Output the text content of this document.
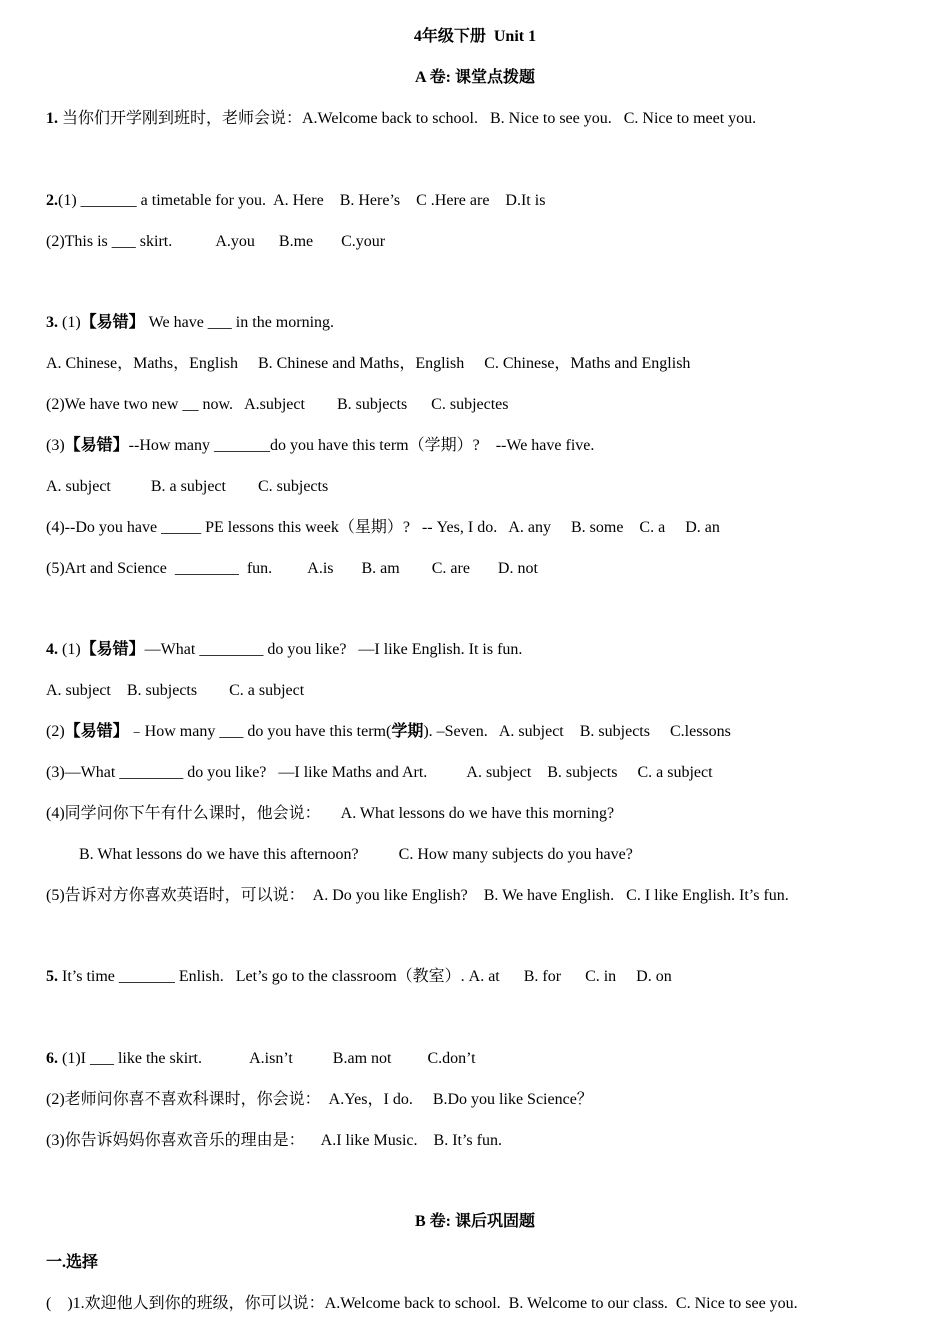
4年级下册  Unit 1
A 卷: 课堂点拨题
1. 当你们开学刚到班时，老师会说：A.Welcome back to school.   B. Nice to see you.   C. Nice to meet you.
2.(1) _______ a timetable for you.  A. Here    B. Here’s    C .Here are    D.It is
(2)This is ___ skirt.           A.you      B.me       C.your
3. (1)【易错】 We have ___ in the morning.
A. Chinese，Maths，English     B. Chinese and Maths，English     C. Chinese，Maths and English
(2)We have two new __ now.   A.subject        B. subjects      C. subjectes
(3)【易错】--How many _______do you have this term（学期）?    --We have five.
A. subject          B. a subject        C. subjects
(4)--Do you have _____ PE lessons this week（星期）?   -- Yes, I do.   A. any     B. some    C. a     D. an
(5)Art and Science  ________  fun.         A.is       B. am        C. are       D. not
4. (1)【易错】—What ________ do you like?   —I like English. It is fun.
A. subject    B. subjects        C. a subject
(2)【易错】﹣How many ___ do you have this term(学期). –Seven.   A. subject    B. subjects     C.lessons
(3)—What ________ do you like?   —I like Maths and Art.          A. subject    B. subjects     C. a subject
(4)同学问你下午有什么课时，他会说：     A. What lessons do we have this morning?
B. What lessons do we have this afternoon?          C. How many subjects do you have?
(5)告诉对方你喜欢英语时，可以说：  A. Do you like English?    B. We have English.   C. I like English. It’s fun.
5. It’s time _______ Enlish.   Let’s go to the classroom（教室）. A. at      B. for      C. in     D. on
6. (1)I ___ like the skirt.            A.isn’t          B.am not         C.don’t
(2)老师问你喜不喜欢科课时，你会说：  A.Yes，I do.     B.Do you like Science？
(3)你告诉妈妈你喜欢音乐的理由是：    A.I like Music.    B. It’s fun.
B 卷: 课后巩固题
一.选择
(    )1.欢迎他人到你的班级，你可以说：A.Welcome back to school.  B. Welcome to our class.  C. Nice to see you.
